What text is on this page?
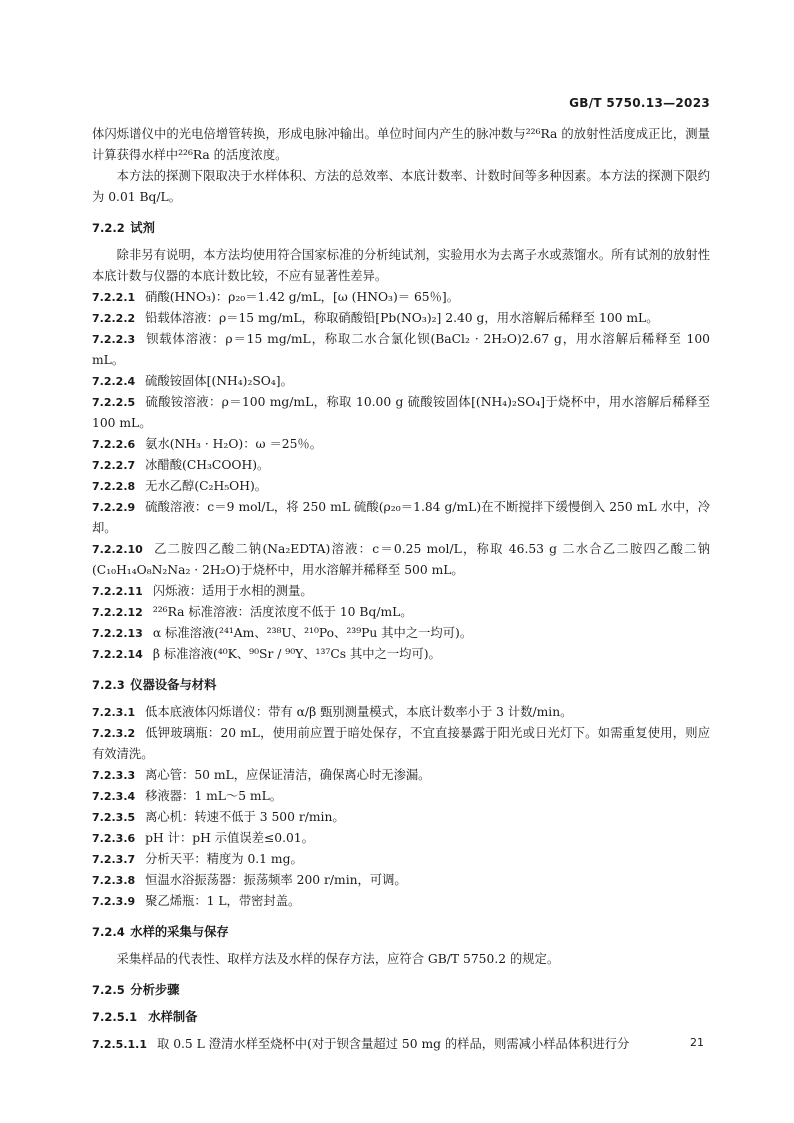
GB/T 5750.13—2023

体闪烁谱仪中的光电倍增管转换，形成电脉冲输出。单位时间内产生的脉冲数与²²⁶Ra 的放射性活度成正比，测量计算获得水样中²²⁶Ra 的活度浓度。

本方法的探测下限取决于水样体积、方法的总效率、本底计数率、计数时间等多种因素。本方法的探测下限约为 0.01 Bq/L。

7.2.2 试剂

除非另有说明，本方法均使用符合国家标准的分析纯试剂，实验用水为去离子水或蒸馏水。所有试剂的放射性本底计数与仪器的本底计数比较，不应有显著性差异。

7.2.2.1 硝酸(HNO₃)：ρ₂₀＝1.42 g/mL，[ω (HNO₃)＝ 65％]。

7.2.2.2 铅载体溶液：ρ＝15 mg/mL，称取硝酸铅[Pb(NO₃)₂] 2.40 g，用水溶解后稀释至 100 mL。

7.2.2.3 钡载体溶液：ρ＝15 mg/mL，称取二水合氯化钡(BaCl₂ · 2H₂O)2.67 g，用水溶解后稀释至 100 mL。

7.2.2.4 硫酸铵固体[(NH₄)₂SO₄]。

7.2.2.5 硫酸铵溶液：ρ＝100 mg/mL，称取 10.00 g 硫酸铵固体[(NH₄)₂SO₄]于烧杯中，用水溶解后稀释至 100 mL。

7.2.2.6 氨水(NH₃ · H₂O)：ω ＝25％。

7.2.2.7 冰醋酸(CH₃COOH)。

7.2.2.8 无水乙醇(C₂H₅OH)。

7.2.2.9 硫酸溶液：c＝9 mol/L，将 250 mL 硫酸(ρ₂₀＝1.84 g/mL)在不断搅拌下缓慢倒入 250 mL 水中，冷却。

7.2.2.10 乙二胺四乙酸二钠(Na₂EDTA)溶液：c＝0.25 mol/L，称取 46.53 g 二水合乙二胺四乙酸二钠(C₁₀H₁₄O₈N₂Na₂ · 2H₂O)于烧杯中，用水溶解并稀释至 500 mL。

7.2.2.11 闪烁液：适用于水相的测量。

7.2.2.12 ²²⁶Ra 标准溶液：活度浓度不低于 10 Bq/mL。

7.2.2.13 α 标准溶液(²⁴¹Am、²³⁸U、²¹⁰Po、²³⁹Pu 其中之一均可)。

7.2.2.14 β 标准溶液(⁴⁰K、⁹⁰Sr / ⁹⁰Y、¹³⁷Cs 其中之一均可)。

7.2.3 仪器设备与材料

7.2.3.1 低本底液体闪烁谱仪：带有 α/β 甄别测量模式，本底计数率小于 3 计数/min。

7.2.3.2 低钾玻璃瓶：20 mL，使用前应置于暗处保存，不宜直接暴露于阳光或日光灯下。如需重复使用，则应有效清洗。

7.2.3.3 离心管：50 mL，应保证清洁，确保离心时无渗漏。

7.2.3.4 移液器：1 mL～5 mL。

7.2.3.5 离心机：转速不低于 3 500 r/min。

7.2.3.6 pH 计：pH 示值误差≤0.01。

7.2.3.7 分析天平：精度为 0.1 mg。

7.2.3.8 恒温水浴振荡器：振荡频率 200 r/min，可调。

7.2.3.9 聚乙烯瓶：1 L，带密封盖。

7.2.4 水样的采集与保存

采集样品的代表性、取样方法及水样的保存方法，应符合 GB/T 5750.2 的规定。

7.2.5 分析步骤

7.2.5.1 水样制备

7.2.5.1.1 取 0.5 L 澄清水样至烧杯中(对于钡含量超过 50 mg 的样品，则需减小样品体积进行分	21
